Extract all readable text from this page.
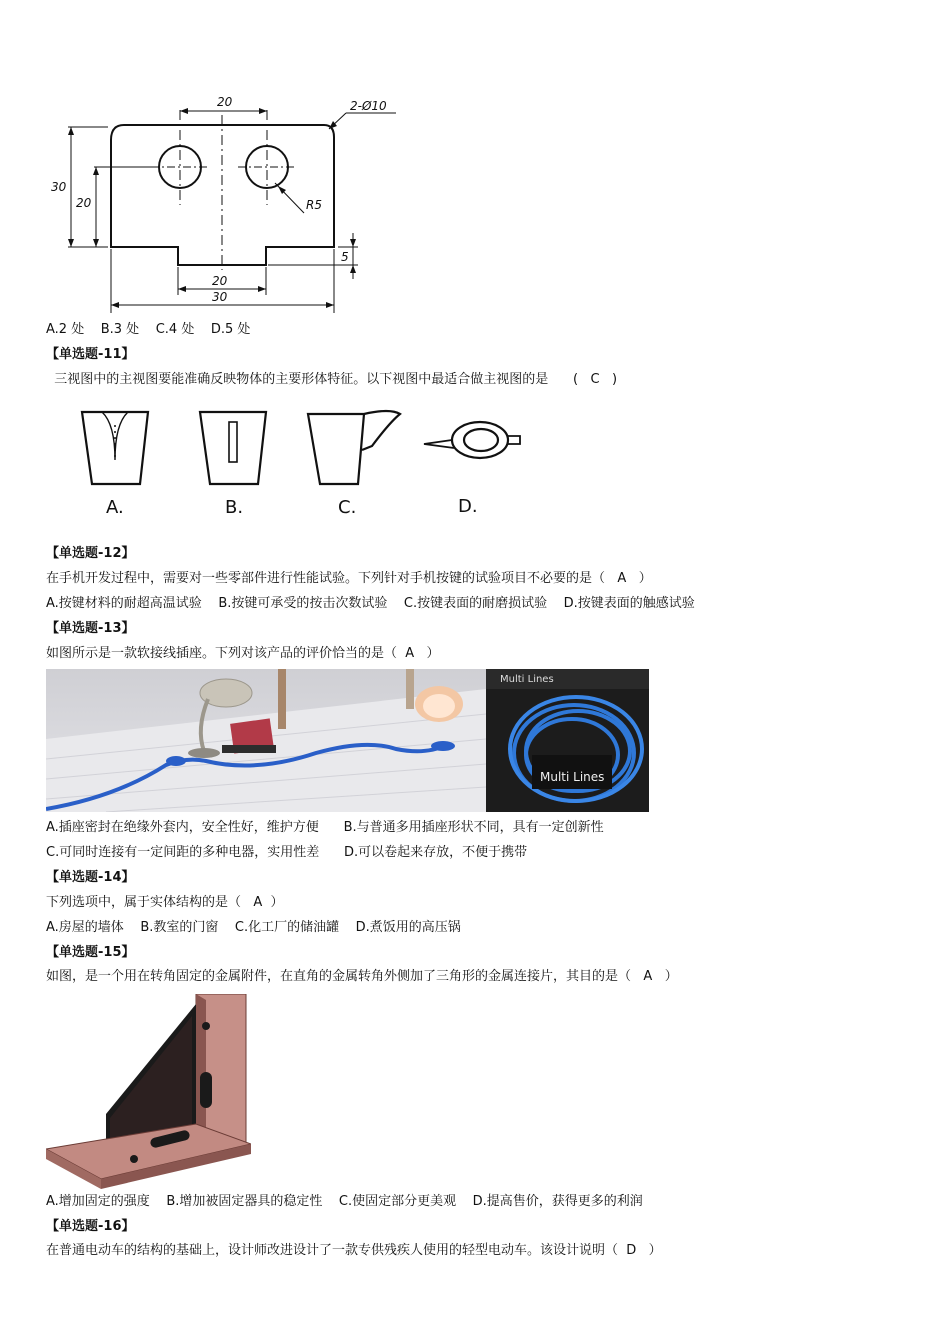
20	2-Ø10
30
20	R5
5
20
30
A.2 处    B.3 处    C.4 处    D.5 处
【单选题-11】
三视图中的主视图要能准确反映物体的主要形体特征。以下视图中最适合做主视图的是      (   C   )
A.	B.	C.	D.
【单选题-12】
在手机开发过程中，需要对一些零部件进行性能试验。下列针对手机按键的试验项目不必要的是（   A   ）
A.按键材料的耐超高温试验    B.按键可承受的按击次数试验    C.按键表面的耐磨损试验    D.按键表面的触感试验
【单选题-13】
如图所示是一款软接线插座。下列对该产品的评价恰当的是（  A   ）
Multi Lines
Multi Lines
A.插座密封在绝缘外套内，安全性好，维护方便      B.与普通多用插座形状不同，具有一定创新性
C.可同时连接有一定间距的多种电器，实用性差      D.可以卷起来存放，不便于携带
【单选题-14】
下列选项中，属于实体结构的是（   A  ）
A.房屋的墙体    B.教室的门窗    C.化工厂的储油罐    D.煮饭用的高压锅
【单选题-15】
如图，是一个用在转角固定的金属附件，在直角的金属转角外侧加了三角形的金属连接片，其目的是（   A   ）
A.增加固定的强度    B.增加被固定器具的稳定性    C.使固定部分更美观    D.提高售价，获得更多的利润
【单选题-16】
在普通电动车的结构的基础上，设计师改进设计了一款专供残疾人使用的轻型电动车。该设计说明（  D   ）
